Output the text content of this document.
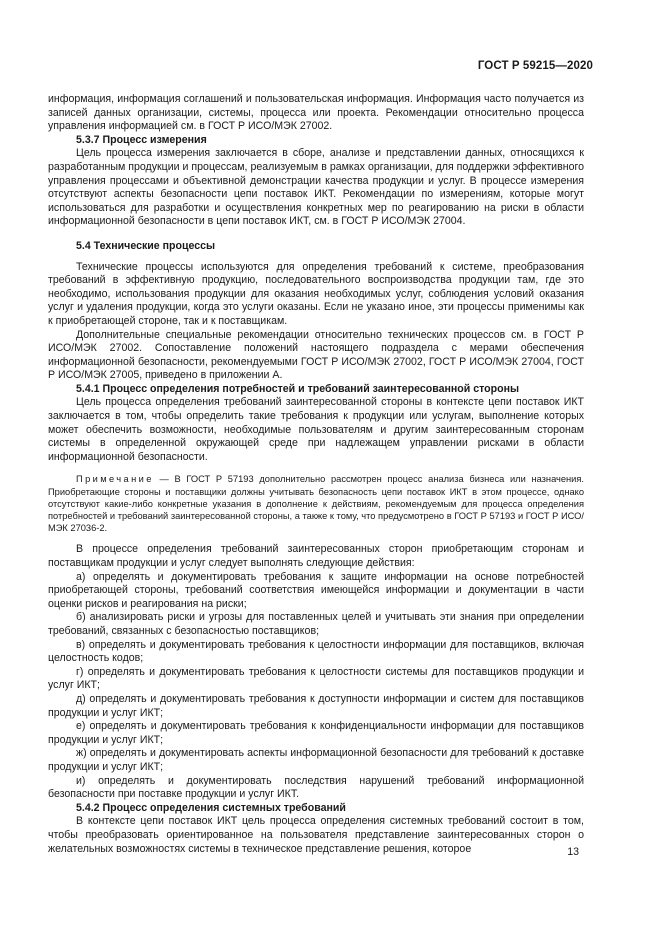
ГОСТ Р 59215—2020
информация, информация соглашений и пользовательская информация. Информация часто получается из записей данных организации, системы, процесса или проекта. Рекомендации относительно процесса управления информацией см. в ГОСТ Р ИСО/МЭК 27002.
5.3.7 Процесс измерения
Цель процесса измерения заключается в сборе, анализе и представлении данных, относящихся к разработанным продукции и процессам, реализуемым в рамках организации, для поддержки эффективного управления процессами и объективной демонстрации качества продукции и услуг. В процессе измерения отсутствуют аспекты безопасности цепи поставок ИКТ. Рекомендации по измерениям, которые могут использоваться для разработки и осуществления конкретных мер по реагированию на риски в области информационной безопасности в цепи поставок ИКТ, см. в ГОСТ Р ИСО/МЭК 27004.
5.4 Технические процессы
Технические процессы используются для определения требований к системе, преобразования требований в эффективную продукцию, последовательного воспроизводства продукции там, где это необходимо, использования продукции для оказания необходимых услуг, соблюдения условий оказания услуг и удаления продукции, когда это услуги оказаны. Если не указано иное, эти процессы применимы как к приобретающей стороне, так и к поставщикам.
Дополнительные специальные рекомендации относительно технических процессов см. в ГОСТ Р ИСО/МЭК 27002. Сопоставление положений настоящего подраздела с мерами обеспечения информационной безопасности, рекомендуемыми ГОСТ Р ИСО/МЭК 27002, ГОСТ Р ИСО/МЭК 27004, ГОСТ Р ИСО/МЭК 27005, приведено в приложении А.
5.4.1 Процесс определения потребностей и требований заинтересованной стороны
Цель процесса определения требований заинтересованной стороны в контексте цепи поставок ИКТ заключается в том, чтобы определить такие требования к продукции или услугам, выполнение которых может обеспечить возможности, необходимые пользователям и другим заинтересованным сторонам системы в определенной окружающей среде при надлежащем управлении рисками в области информационной безопасности.
Примечание — В ГОСТ Р 57193 дополнительно рассмотрен процесс анализа бизнеса или назначения. Приобретающие стороны и поставщики должны учитывать безопасность цепи поставок ИКТ в этом процессе, однако отсутствуют какие-либо конкретные указания в дополнение к действиям, рекомендуемым для процесса определения потребностей и требований заинтересованной стороны, а также к тому, что предусмотрено в ГОСТ Р 57193 и ГОСТ Р ИСО/МЭК 27036-2.
В процессе определения требований заинтересованных сторон приобретающим сторонам и поставщикам продукции и услуг следует выполнять следующие действия:
а) определять и документировать требования к защите информации на основе потребностей приобретающей стороны, требований соответствия имеющейся информации и документации в части оценки рисков и реагирования на риски;
б) анализировать риски и угрозы для поставленных целей и учитывать эти знания при определении требований, связанных с безопасностью поставщиков;
в) определять и документировать требования к целостности информации для поставщиков, включая целостность кодов;
г) определять и документировать требования к целостности системы для поставщиков продукции и услуг ИКТ;
д) определять и документировать требования к доступности информации и систем для поставщиков продукции и услуг ИКТ;
е) определять и документировать требования к конфиденциальности информации для поставщиков продукции и услуг ИКТ;
ж) определять и документировать аспекты информационной безопасности для требований к доставке продукции и услуг ИКТ;
и) определять и документировать последствия нарушений требований информационной безопасности при поставке продукции и услуг ИКТ.
5.4.2 Процесс определения системных требований
В контексте цепи поставок ИКТ цель процесса определения системных требований состоит в том, чтобы преобразовать ориентированное на пользователя представление заинтересованных сторон о желательных возможностях системы в техническое представление решения, которое	13
